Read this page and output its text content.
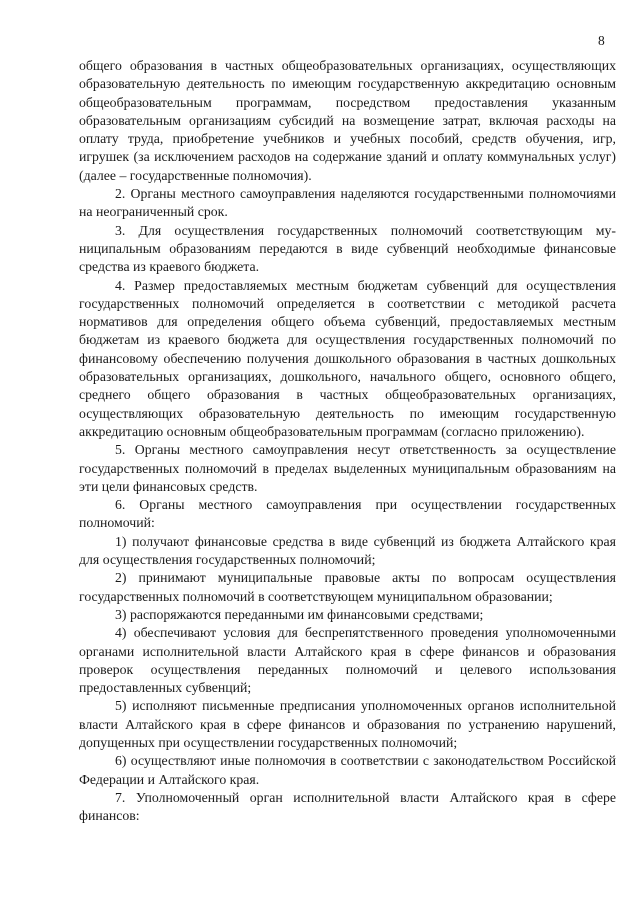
8

общего образования в частных общеобразовательных организациях, осуществляющих образовательную деятельность по имеющим государственную аккредитацию основным общеобразовательным программам, посредством предоставления указанным образовательным организациям субсидий на возмещение затрат, включая расходы на оплату труда, приобретение учебников и учебных пособий, средств обучения, игр, игрушек (за исключением расходов на содержание зданий и оплату коммунальных услуг) (далее – государственные полномочия).

2. Органы местного самоуправления наделяются государственными полномочиями на неограниченный срок.

3. Для осуществления государственных полномочий соответствующим муниципальным образованиям передаются в виде субвенций необходимые финансовые средства из краевого бюджета.

4. Размер предоставляемых местным бюджетам субвенций для осуществления государственных полномочий определяется в соответствии с методикой расчета нормативов для определения общего объема субвенций, предоставляемых местным бюджетам из краевого бюджета для осуществления государственных полномочий по финансовому обеспечению получения дошкольного образования в частных дошкольных образовательных организациях, дошкольного, начального общего, основного общего, среднего общего образования в частных общеобразовательных организациях, осуществляющих образовательную деятельность по имеющим государственную аккредитацию основным общеобразовательным программам (согласно приложению).

5. Органы местного самоуправления несут ответственность за осуществление государственных полномочий в пределах выделенных муниципальным образованиям на эти цели финансовых средств.

6. Органы местного самоуправления при осуществлении государственных полномочий:

1) получают финансовые средства в виде субвенций из бюджета Алтайского края для осуществления государственных полномочий;

2) принимают муниципальные правовые акты по вопросам осуществления государственных полномочий в соответствующем муниципальном образовании;

3) распоряжаются переданными им финансовыми средствами;

4) обеспечивают условия для беспрепятственного проведения уполномоченными органами исполнительной власти Алтайского края в сфере финансов и образования проверок осуществления переданных полномочий и целевого использования предоставленных субвенций;

5) исполняют письменные предписания уполномоченных органов исполнительной власти Алтайского края в сфере финансов и образования по устранению нарушений, допущенных при осуществлении государственных полномочий;

6) осуществляют иные полномочия в соответствии с законодательством Российской Федерации и Алтайского края.

7. Уполномоченный орган исполнительной власти Алтайского края в сфере финансов:
